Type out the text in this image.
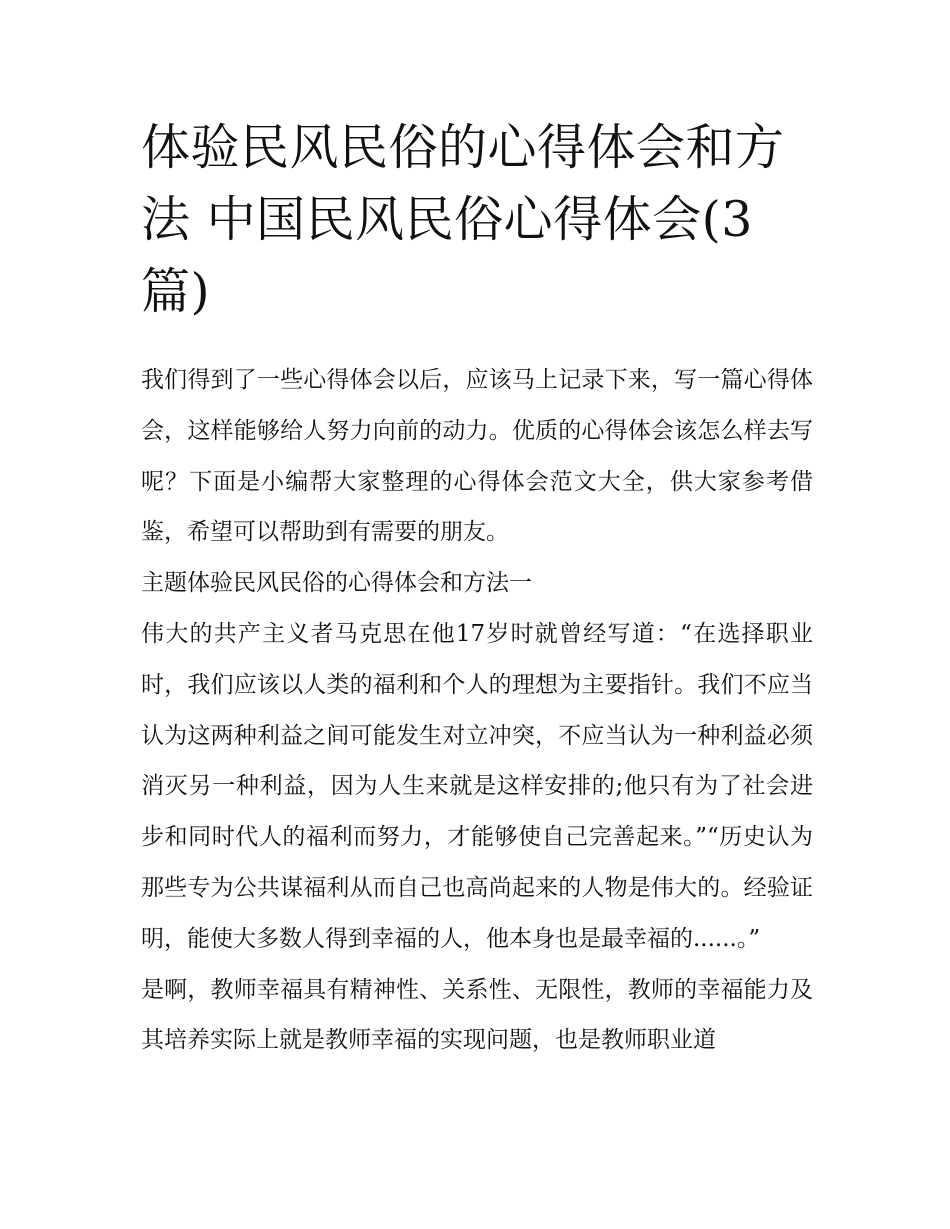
体验民风民俗的心得体会和方法 中国民风民俗心得体会(3篇)

我们得到了一些心得体会以后，应该马上记录下来，写一篇心得体会，这样能够给人努力向前的动力。优质的心得体会该怎么样去写呢？下面是小编帮大家整理的心得体会范文大全，供大家参考借鉴，希望可以帮助到有需要的朋友。

主题体验民风民俗的心得体会和方法一

伟大的共产主义者马克思在他17岁时就曾经写道：“在选择职业时，我们应该以人类的福利和个人的理想为主要指针。我们不应当认为这两种利益之间可能发生对立冲突，不应当认为一种利益必须消灭另一种利益，因为人生来就是这样安排的;他只有为了社会进步和同时代人的福利而努力，才能够使自己完善起来。”“历史认为那些专为公共谋福利从而自己也高尚起来的人物是伟大的。经验证明，能使大多数人得到幸福的人，他本身也是最幸福的......。”

是啊，教师幸福具有精神性、关系性、无限性，教师的幸福能力及其培养实际上就是教师幸福的实现问题，也是教师职业道
